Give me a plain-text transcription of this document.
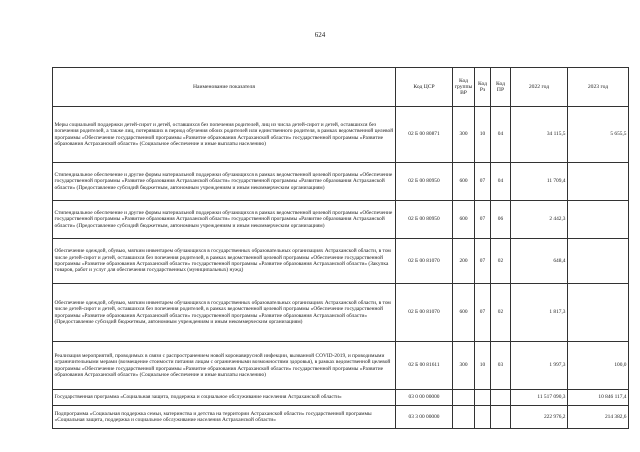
624
Наименование показателя	Код ЦСР	Код группы ВР	Код Рз	Код ПР	2022 год	2023 год
Меры социальной поддержки детей-сирот и детей, оставшихся без попечения родителей, лиц из числа детей-сирот и детей, оставшихся без попечения родителей, а также лиц, потерявших в период обучения обоих родителей или единственного родителя, в рамках ведомственной целевой программы «Обеспечение государственной программы «Развитие образования Астраханской области» государственной программы «Развитие образования Астраханской области» (Социальное обеспечение и иные выплаты населению)	02 Б 00 80871	300	10	04	34 115,5	5 655,5
Стипендиальное обеспечение и другие формы материальной поддержки обучающихся в рамках ведомственной целевой программы «Обеспечение государственной программы «Развитие образования Астраханской области» государственной программы «Развитие образования Астраханской области» (Предоставление субсидий бюджетным, автономным учреждениям и иным некоммерческим организациям)	02 Б 00 80950	600	07	04	11 709,4	
Стипендиальное обеспечение и другие формы материальной поддержки обучающихся в рамках ведомственной целевой программы «Обеспечение государственной программы «Развитие образования Астраханской области» государственной программы «Развитие образования Астраханской области» (Предоставление субсидий бюджетным, автономным учреждениям и иным некоммерческим организациям)	02 Б 00 80950	600	07	06	2 442,3	
Обеспечение одеждой, обувью, мягким инвентарем обучающихся в государственных образовательных организациях Астраханской области, в том числе детей-сирот и детей, оставшихся без попечения родителей, в рамках ведомственной целевой программы «Обеспечение государственной программы «Развитие образования Астраханской области» государственной программы «Развитие образования Астраханской области» (Закупка товаров, работ и услуг для обеспечения государственных (муниципальных) нужд)	02 Б 00 81070	200	07	02	648,4	
Обеспечение одеждой, обувью, мягким инвентарем обучающихся в государственных образовательных организациях Астраханской области, в том числе детей-сирот и детей, оставшихся без попечения родителей, в рамках ведомственной целевой программы «Обеспечение государственной программы «Развитие образования Астраханской области» государственной программы «Развитие образования Астраханской области» (Предоставление субсидий бюджетным, автономным учреждениям и иным некоммерческим организациям)	02 Б 00 81070	600	07	02	1 817,3	
Реализация мероприятий, проводимых в связи с распространением новой коронавирусной инфекции, вызванной COVID-2019, и проводимыми ограничительными мерами (возмещение стоимости питания лицам с ограниченными возможностями здоровья), в рамках ведомственной целевой программы «Обеспечение государственной программы «Развитие образования Астраханской области» государственной программы «Развитие образования Астраханской области» (Социальное обеспечение и иные выплаты населению)	02 Б 00 81611	300	10	03	1 997,3	100,0
Государственная программа «Социальная защита, поддержка и социальное обслуживание населения Астраханской области»	03 0 00 00000				11 517 090,3	10 846 117,4
Подпрограмма «Социальная поддержка семьи, материнства и детства на территории Астраханской области» государственной программы «Социальная защита, поддержка и социальное обслуживание населения Астраханской области»	03 3 00 00000				222 976,2	214 382,6
